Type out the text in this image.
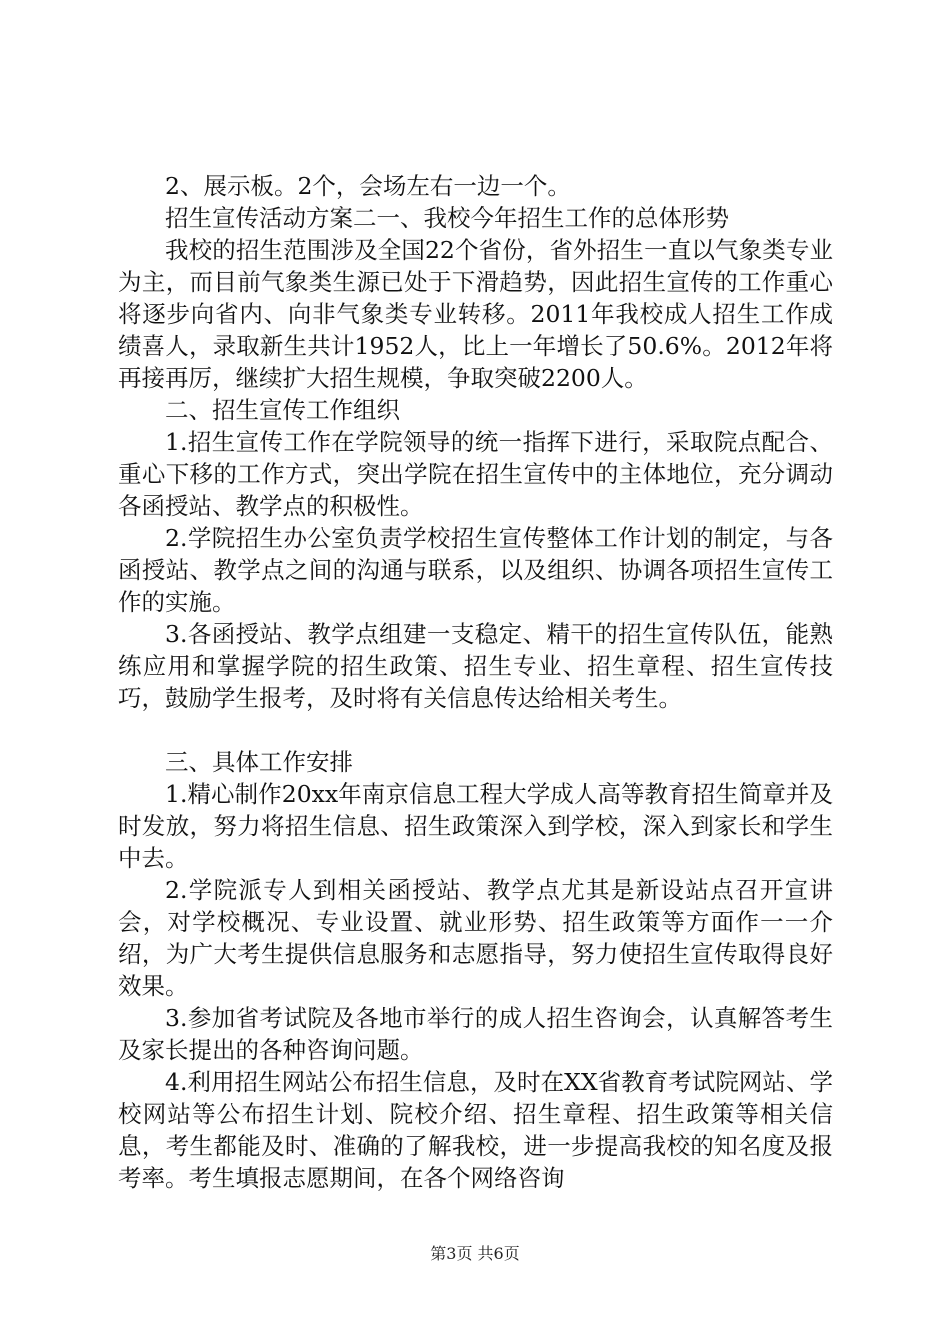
2、展示板。2个，会场左右一边一个。

招生宣传活动方案二一、我校今年招生工作的总体形势

我校的招生范围涉及全国22个省份，省外招生一直以气象类专业为主，而目前气象类生源已处于下滑趋势，因此招生宣传的工作重心将逐步向省内、向非气象类专业转移。2011年我校成人招生工作成绩喜人，录取新生共计1952人，比上一年增长了50.6%。2012年将再接再厉，继续扩大招生规模，争取突破2200人。

二、招生宣传工作组织

1.招生宣传工作在学院领导的统一指挥下进行，采取院点配合、重心下移的工作方式，突出学院在招生宣传中的主体地位，充分调动各函授站、教学点的积极性。

2.学院招生办公室负责学校招生宣传整体工作计划的制定，与各函授站、教学点之间的沟通与联系，以及组织、协调各项招生宣传工作的实施。

3.各函授站、教学点组建一支稳定、精干的招生宣传队伍，能熟练应用和掌握学院的招生政策、招生专业、招生章程、招生宣传技巧，鼓励学生报考，及时将有关信息传达给相关考生。

三、具体工作安排

1.精心制作20xx年南京信息工程大学成人高等教育招生简章并及时发放，努力将招生信息、招生政策深入到学校，深入到家长和学生中去。

2.学院派专人到相关函授站、教学点尤其是新设站点召开宣讲会，对学校概况、专业设置、就业形势、招生政策等方面作一一介绍，为广大考生提供信息服务和志愿指导，努力使招生宣传取得良好效果。

3.参加省考试院及各地市举行的成人招生咨询会，认真解答考生及家长提出的各种咨询问题。

4.利用招生网站公布招生信息，及时在XX省教育考试院网站、学校网站等公布招生计划、院校介绍、招生章程、招生政策等相关信息，考生都能及时、准确的了解我校，进一步提高我校的知名度及报考率。考生填报志愿期间，在各个网络咨询

第3页 共6页
